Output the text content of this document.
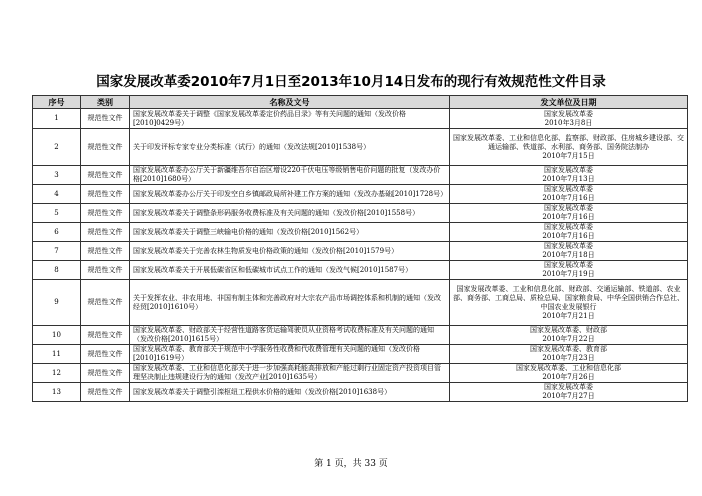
国家发展改革委2010年7月1日至2013年10月14日发布的现行有效规范性文件目录
序号	类别	名称及文号	发文单位及日期
1	规范性文件	国家发展改革委关于调整《国家发展改革委定价药品目录》等有关问题的通知（发改价格[2010]0429号）	国家发展改革委
2010年3月8日

2	规范性文件	关于印发评标专家专业分类标准（试行）的通知（发改法规[2010]1538号）	国家发展改革委、工业和信息化部、监察部、财政部、住房城乡建设部、交通运输部、铁道部、水利部、商务部、国务院法制办
2010年7月15日

3	规范性文件	国家发展改革委办公厅关于新疆维吾尔自治区增设220千伏电压等级销售电价问题的批复（发改办价格[2010]1680号）	国家发展改革委
2010年7月13日

4	规范性文件	国家发展改革委办公厅关于印发空白乡镇邮政局所补建工作方案的通知（发改办基础[2010]1728号）	国家发展改革委
2010年7月16日

5	规范性文件	国家发展改革委关于调整条形码服务收费标准及有关问题的通知（发改价格[2010]1558号）	国家发展改革委
2010年7月16日

6	规范性文件	国家发展改革委关于调整三峡输电价格的通知（发改价格[2010]1562号）	国家发展改革委
2010年7月16日

7	规范性文件	国家发展改革委关于完善农林生物质发电价格政策的通知（发改价格[2010]1579号）	国家发展改革委
2010年7月18日

8	规范性文件	国家发展改革委关于开展低碳省区和低碳城市试点工作的通知（发改气候[2010]1587号）	国家发展改革委
2010年7月19日

9	规范性文件	关于发挥农业、非农用地、非国有制主体和完善政府对大宗农产品市场调控体系和机制的通知（发改经贸[2010]1610号）	国家发展改革委、工业和信息化部、财政部、交通运输部、铁道部、农业部、商务部、工商总局、质检总局、国家粮食局、中华全国供销合作总社、中国农业发展银行
2010年7月21日

10	规范性文件	国家发展改革委、财政部关于经营性道路客货运输驾驶员从业资格考试收费标准及有关问题的通知（发改价格[2010]1615号）	国家发展改革委、财政部
2010年7月22日

11	规范性文件	国家发展改革委、教育部关于规范中小学服务性收费和代收费管理有关问题的通知（发改价格[2010]1619号）	国家发展改革委、教育部
2010年7月23日

12	规范性文件	国家发展改革委、工业和信息化部关于进一步加强高耗能高排放和产能过剩行业固定资产投资项目管理坚决制止违规建设行为的通知（发改产业[2010]1635号）	国家发展改革委、工业和信息化部
2010年7月26日

13	规范性文件	国家发展改革委关于调整引滦枢纽工程供水价格的通知（发改价格[2010]1638号）	国家发展改革委
2010年7月27日
第 1 页，共 33 页
